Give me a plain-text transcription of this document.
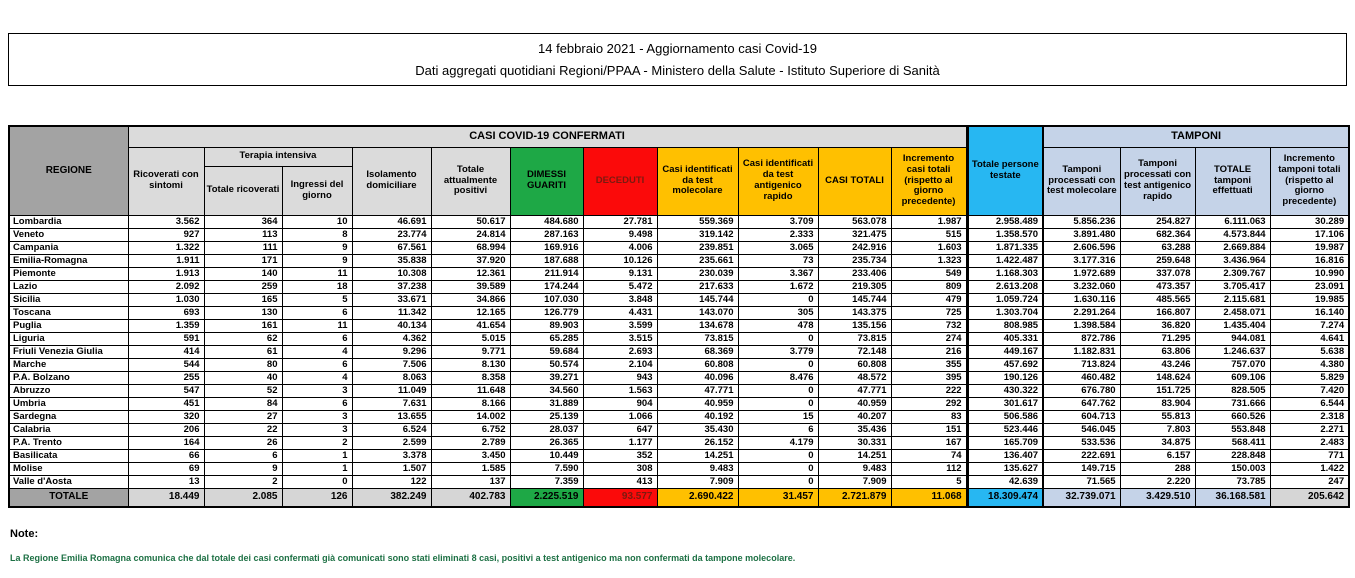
14 febbraio 2021 - Aggiornamento casi Covid-19
Dati aggregati quotidiani Regioni/PPAA - Ministero della Salute - Istituto Superiore di Sanità
REGIONE	CASI COVID-19 CONFERMATI											Totale persone testate	TAMPONI			
	Ricoverati con sintomi	Terapia intensiva		Isolamento domiciliare	Totale attualmente positivi	DIMESSI GUARITI	DECEDUTI	Casi identificati da test molecolare	Casi identificati da test antigenico rapido	CASI TOTALI	Incremento casi totali (rispetto al giorno precedente)		Tamponi processati con test molecolare	Tamponi processati con test antigenico rapido	TOTALE tamponi effettuati	Incremento tamponi totali (rispetto al giorno precedente)
		Totale ricoverati	Ingressi del giorno													
Lombardia	3.562	364	10	46.691	50.617	484.680	27.781	559.369	3.709	563.078	1.987	2.958.489	5.856.236	254.827	6.111.063	30.289
Veneto	927	113	8	23.774	24.814	287.163	9.498	319.142	2.333	321.475	515	1.358.570	3.891.480	682.364	4.573.844	17.106
Campania	1.322	111	9	67.561	68.994	169.916	4.006	239.851	3.065	242.916	1.603	1.871.335	2.606.596	63.288	2.669.884	19.987
Emilia-Romagna	1.911	171	9	35.838	37.920	187.688	10.126	235.661	73	235.734	1.323	1.422.487	3.177.316	259.648	3.436.964	16.816
Piemonte	1.913	140	11	10.308	12.361	211.914	9.131	230.039	3.367	233.406	549	1.168.303	1.972.689	337.078	2.309.767	10.990
Lazio	2.092	259	18	37.238	39.589	174.244	5.472	217.633	1.672	219.305	809	2.613.208	3.232.060	473.357	3.705.417	23.091
Sicilia	1.030	165	5	33.671	34.866	107.030	3.848	145.744	0	145.744	479	1.059.724	1.630.116	485.565	2.115.681	19.985
Toscana	693	130	6	11.342	12.165	126.779	4.431	143.070	305	143.375	725	1.303.704	2.291.264	166.807	2.458.071	16.140
Puglia	1.359	161	11	40.134	41.654	89.903	3.599	134.678	478	135.156	732	808.985	1.398.584	36.820	1.435.404	7.274
Liguria	591	62	6	4.362	5.015	65.285	3.515	73.815	0	73.815	274	405.331	872.786	71.295	944.081	4.641
Friuli Venezia Giulia	414	61	4	9.296	9.771	59.684	2.693	68.369	3.779	72.148	216	449.167	1.182.831	63.806	1.246.637	5.638
Marche	544	80	6	7.506	8.130	50.574	2.104	60.808	0	60.808	355	457.692	713.824	43.246	757.070	4.380
P.A. Bolzano	255	40	4	8.063	8.358	39.271	943	40.096	8.476	48.572	395	190.126	460.482	148.624	609.106	5.829
Abruzzo	547	52	3	11.049	11.648	34.560	1.563	47.771	0	47.771	222	430.322	676.780	151.725	828.505	7.420
Umbria	451	84	6	7.631	8.166	31.889	904	40.959	0	40.959	292	301.617	647.762	83.904	731.666	6.544
Sardegna	320	27	3	13.655	14.002	25.139	1.066	40.192	15	40.207	83	506.586	604.713	55.813	660.526	2.318
Calabria	206	22	3	6.524	6.752	28.037	647	35.430	6	35.436	151	523.446	546.045	7.803	553.848	2.271
P.A. Trento	164	26	2	2.599	2.789	26.365	1.177	26.152	4.179	30.331	167	165.709	533.536	34.875	568.411	2.483
Basilicata	66	6	1	3.378	3.450	10.449	352	14.251	0	14.251	74	136.407	222.691	6.157	228.848	771
Molise	69	9	1	1.507	1.585	7.590	308	9.483	0	9.483	112	135.627	149.715	288	150.003	1.422
Valle d'Aosta	13	2	0	122	137	7.359	413	7.909	0	7.909	5	42.639	71.565	2.220	73.785	247
TOTALE	18.449	2.085	126	382.249	402.783	2.225.519	93.577	2.690.422	31.457	2.721.879	11.068	18.309.474	32.739.071	3.429.510	36.168.581	205.642
Note:
La Regione Emilia Romagna comunica che dal totale dei casi confermati già comunicati sono stati eliminati 8 casi, positivi a test antigenico ma non confermati da tampone molecolare.
